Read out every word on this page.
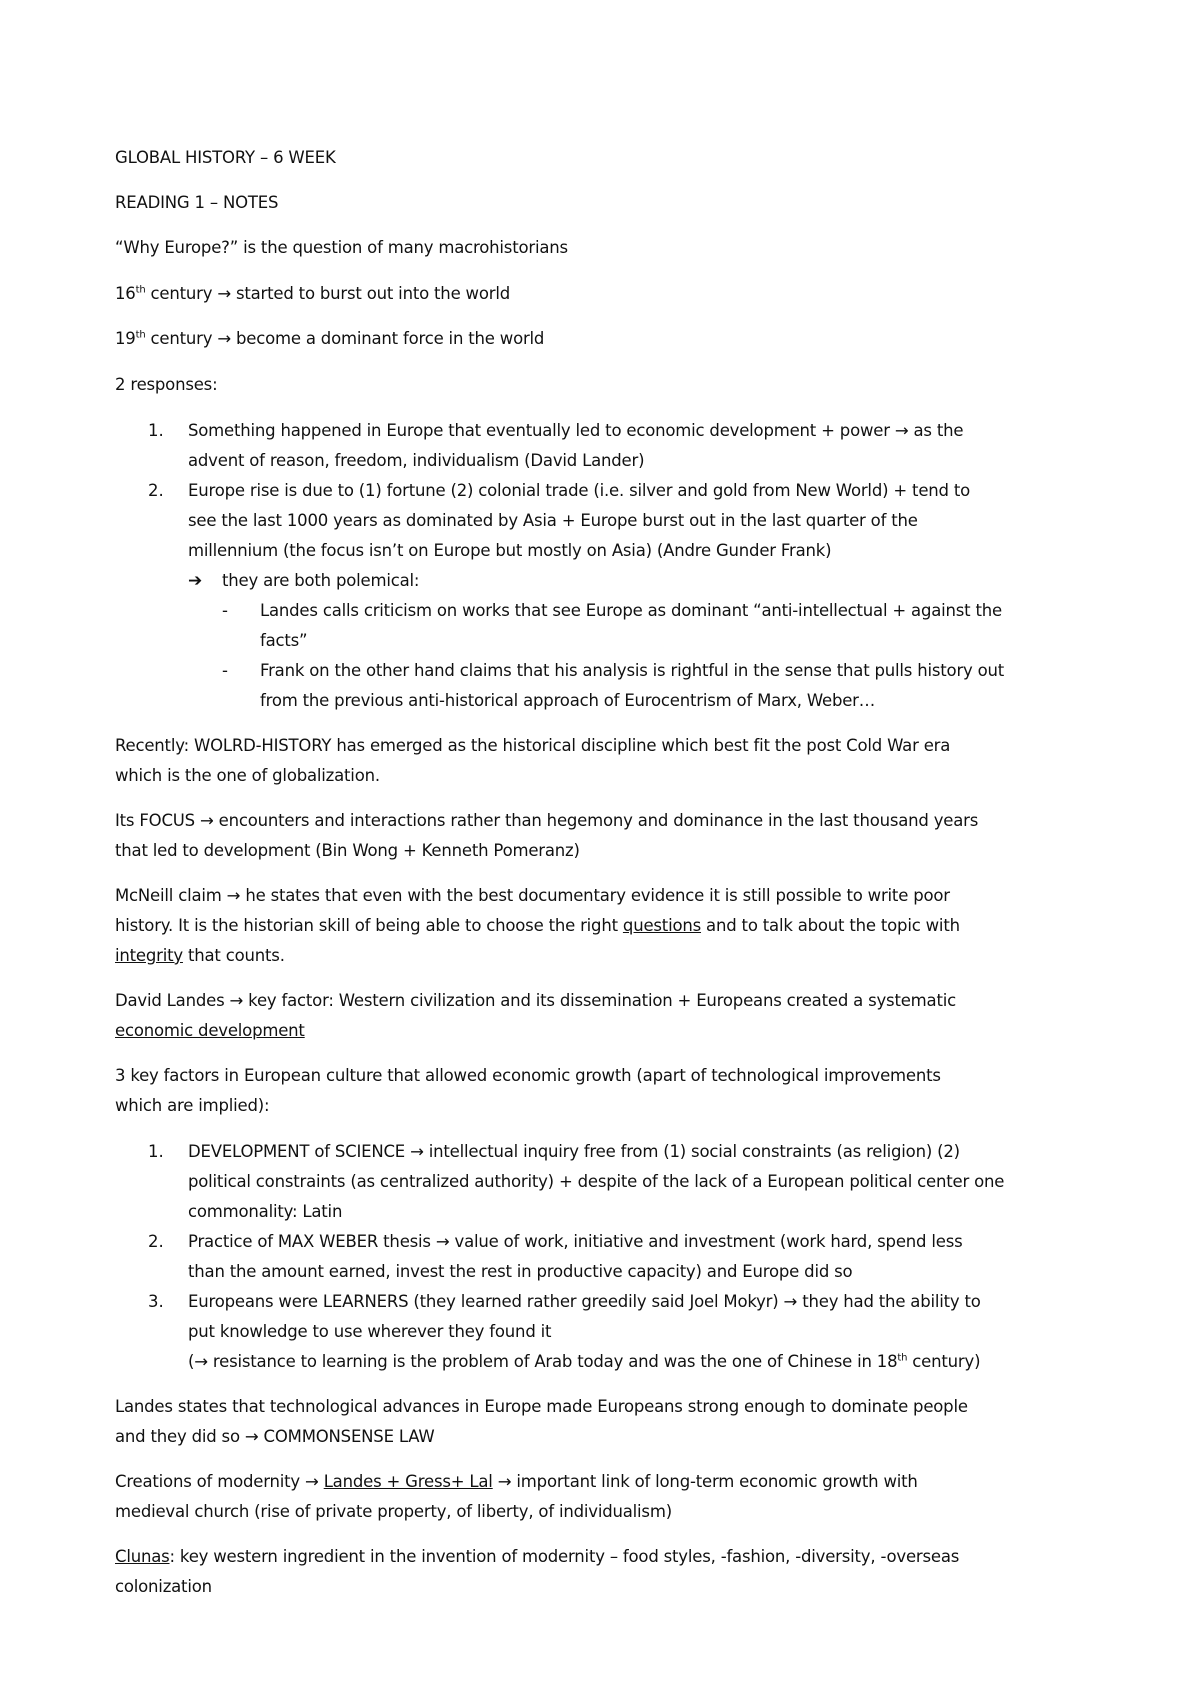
GLOBAL HISTORY – 6 WEEK
READING 1 – NOTES
“Why Europe?” is the question of many macrohistorians
16th century → started to burst out into the world
19th century → become a dominant force in the world
2 responses:
1. Something happened in Europe that eventually led to economic development + power → as the
advent of reason, freedom, individualism (David Lander)
2. Europe rise is due to (1) fortune (2) colonial trade (i.e. silver and gold from New World) + tend to
see the last 1000 years as dominated by Asia + Europe burst out in the last quarter of the
millennium (the focus isn’t on Europe but mostly on Asia) (Andre Gunder Frank)
➔ they are both polemical:
- Landes calls criticism on works that see Europe as dominant “anti-intellectual + against the
facts”
- Frank on the other hand claims that his analysis is rightful in the sense that pulls history out
from the previous anti-historical approach of Eurocentrism of Marx, Weber…
Recently: WOLRD-HISTORY has emerged as the historical discipline which best fit the post Cold War era
which is the one of globalization.
Its FOCUS → encounters and interactions rather than hegemony and dominance in the last thousand years
that led to development (Bin Wong + Kenneth Pomeranz)
McNeill claim → he states that even with the best documentary evidence it is still possible to write poor
history. It is the historian skill of being able to choose the right questions and to talk about the topic with
integrity that counts.
David Landes → key factor: Western civilization and its dissemination + Europeans created a systematic
economic development
3 key factors in European culture that allowed economic growth (apart of technological improvements
which are implied):
1. DEVELOPMENT of SCIENCE → intellectual inquiry free from (1) social constraints (as religion) (2)
political constraints (as centralized authority) + despite of the lack of a European political center one
commonality: Latin
2. Practice of MAX WEBER thesis → value of work, initiative and investment (work hard, spend less
than the amount earned, invest the rest in productive capacity) and Europe did so
3. Europeans were LEARNERS (they learned rather greedily said Joel Mokyr) → they had the ability to
put knowledge to use wherever they found it
(→ resistance to learning is the problem of Arab today and was the one of Chinese in 18th century)
Landes states that technological advances in Europe made Europeans strong enough to dominate people
and they did so → COMMONSENSE LAW
Creations of modernity → Landes + Gress+ Lal → important link of long-term economic growth with
medieval church (rise of private property, of liberty, of individualism)
Clunas: key western ingredient in the invention of modernity – food styles, -fashion, -diversity, -overseas
colonization
